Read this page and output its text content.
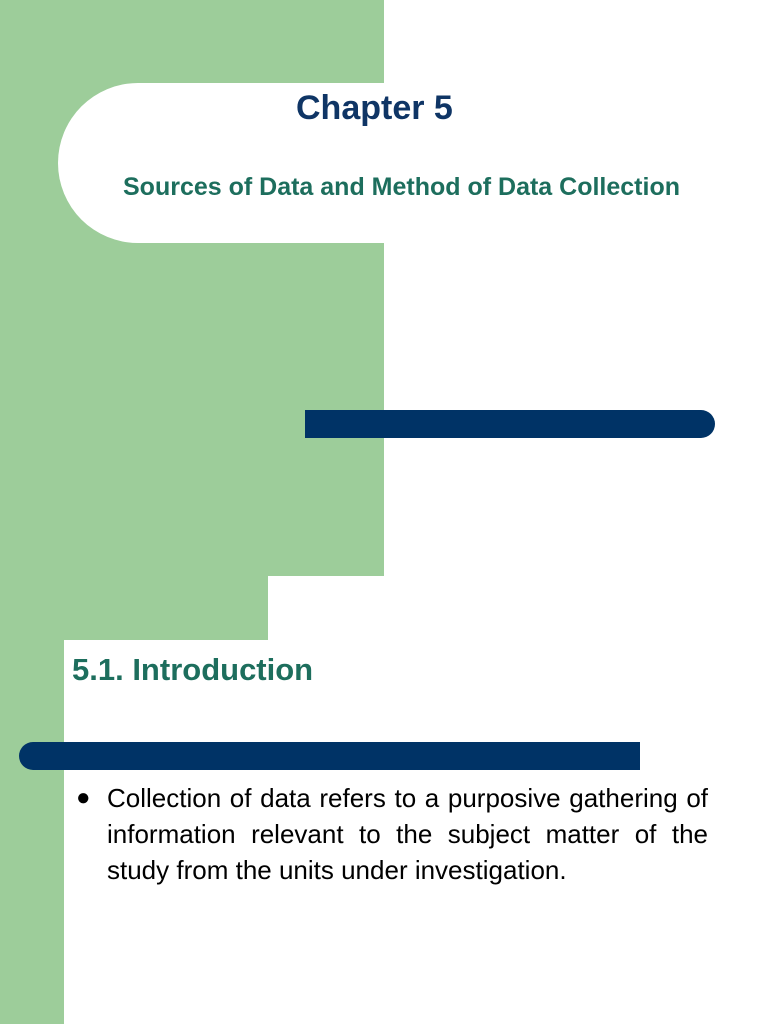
Chapter 5
Sources of Data and Method of Data Collection
5.1. Introduction
● Collection of data refers to a purposive gathering of information relevant to the subject matter of the study from the units under investigation.
